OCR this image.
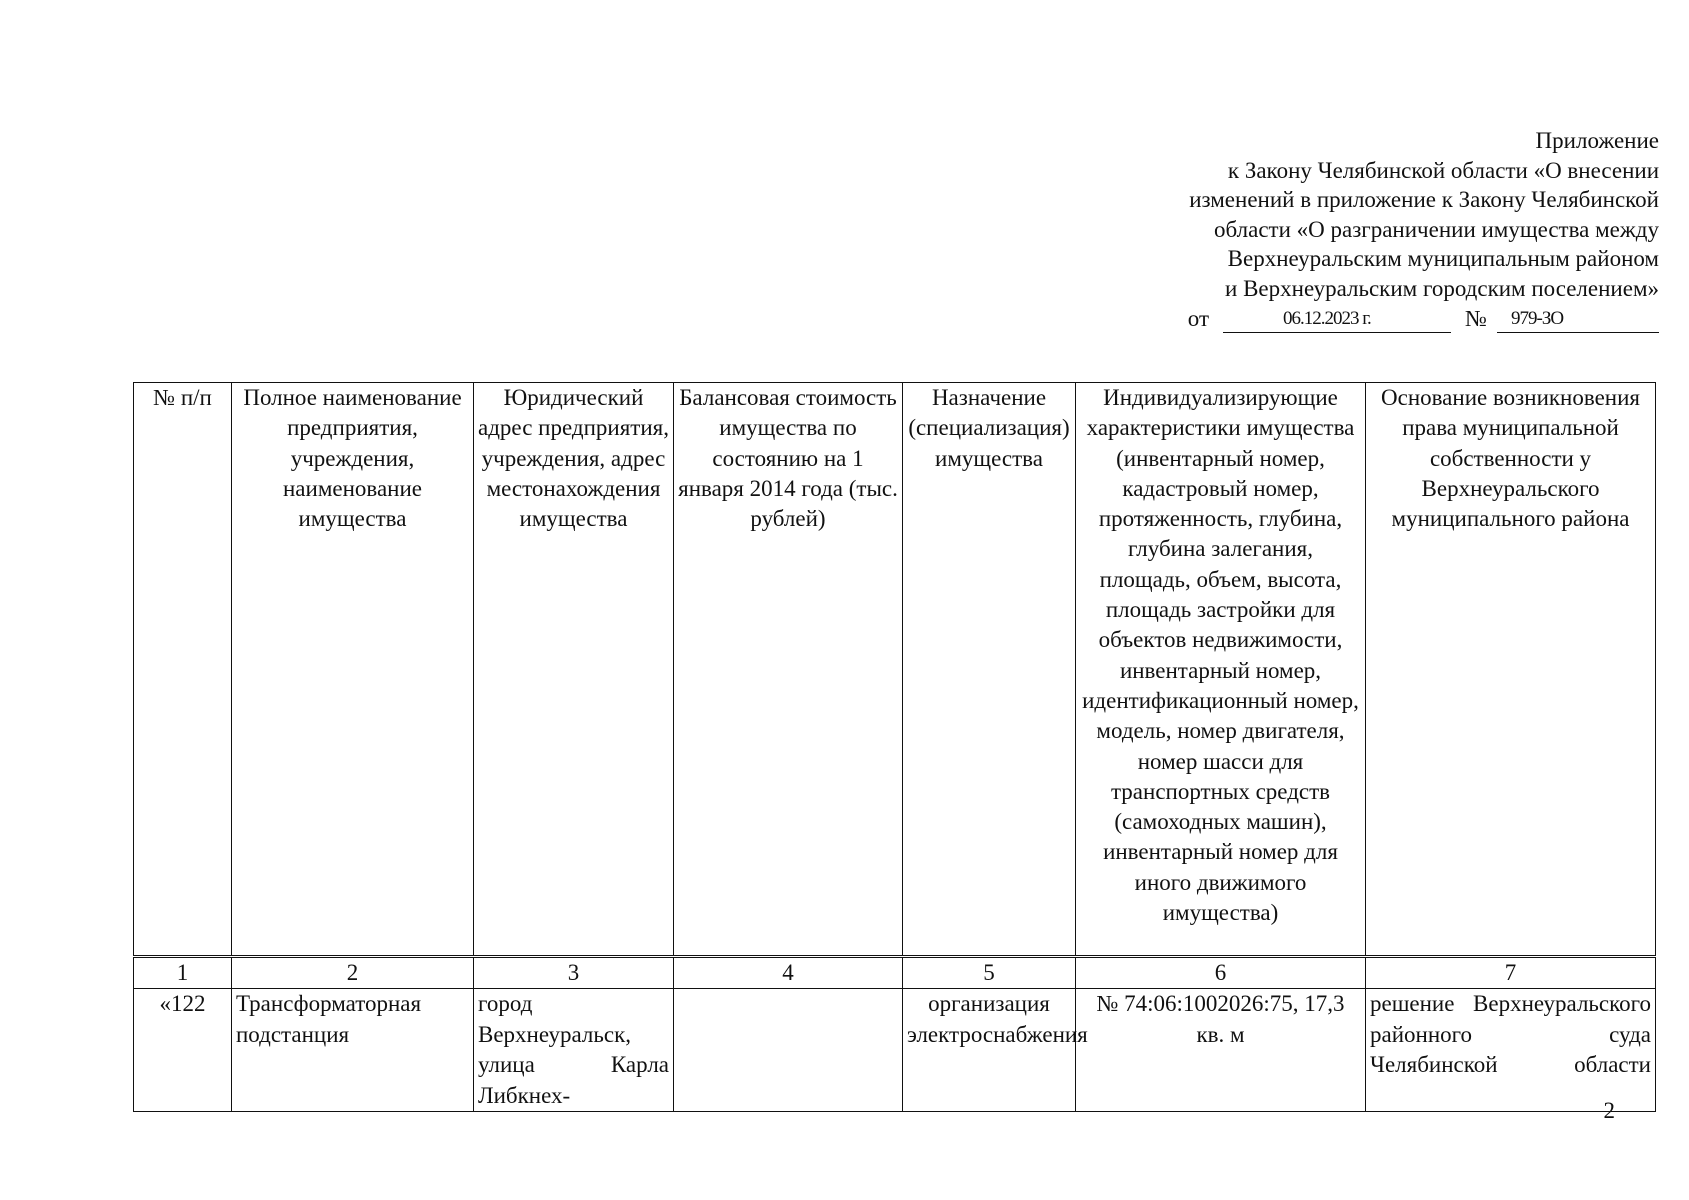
Приложение
к Закону Челябинской области «О внесении
изменений в приложение к Закону Челябинской
области «О разграничении имущества между
Верхнеуральским муниципальным районом
и Верхнеуральским городским поселением»
от	06.12.2023 г.	№	979-ЗО
№ п/п	Полное наименование предприятия, учреждения, наименование имущества	Юридический адрес предприятия, учреждения, адрес местонахождения имущества	Балансовая стоимость имущества по состоянию на 1 января 2014 года (тыс. рублей)	Назначение (специализация) имущества	Индивидуализирующие характеристики имущества (инвентарный номер, кадастровый номер, протяженность, глубина, глубина залегания, площадь, объем, высота, площадь застройки для объектов недвижимости, инвентарный номер, идентификационный номер, модель, номер двигателя, номер шасси для транспортных средств (самоходных машин), инвентарный номер для иного движимого имущества)	Основание возникновения права муниципальной собственности у Верхнеуральского муниципального района
1	2	3	4	5	6	7
«122	Трансформаторная подстанция	город Верхнеуральск, улица Карла Либкнех-		организация электроснабжения	№ 74:06:1002026:75, 17,3 кв. м	решение Верхнеуральского районного суда Челябинской области
2
